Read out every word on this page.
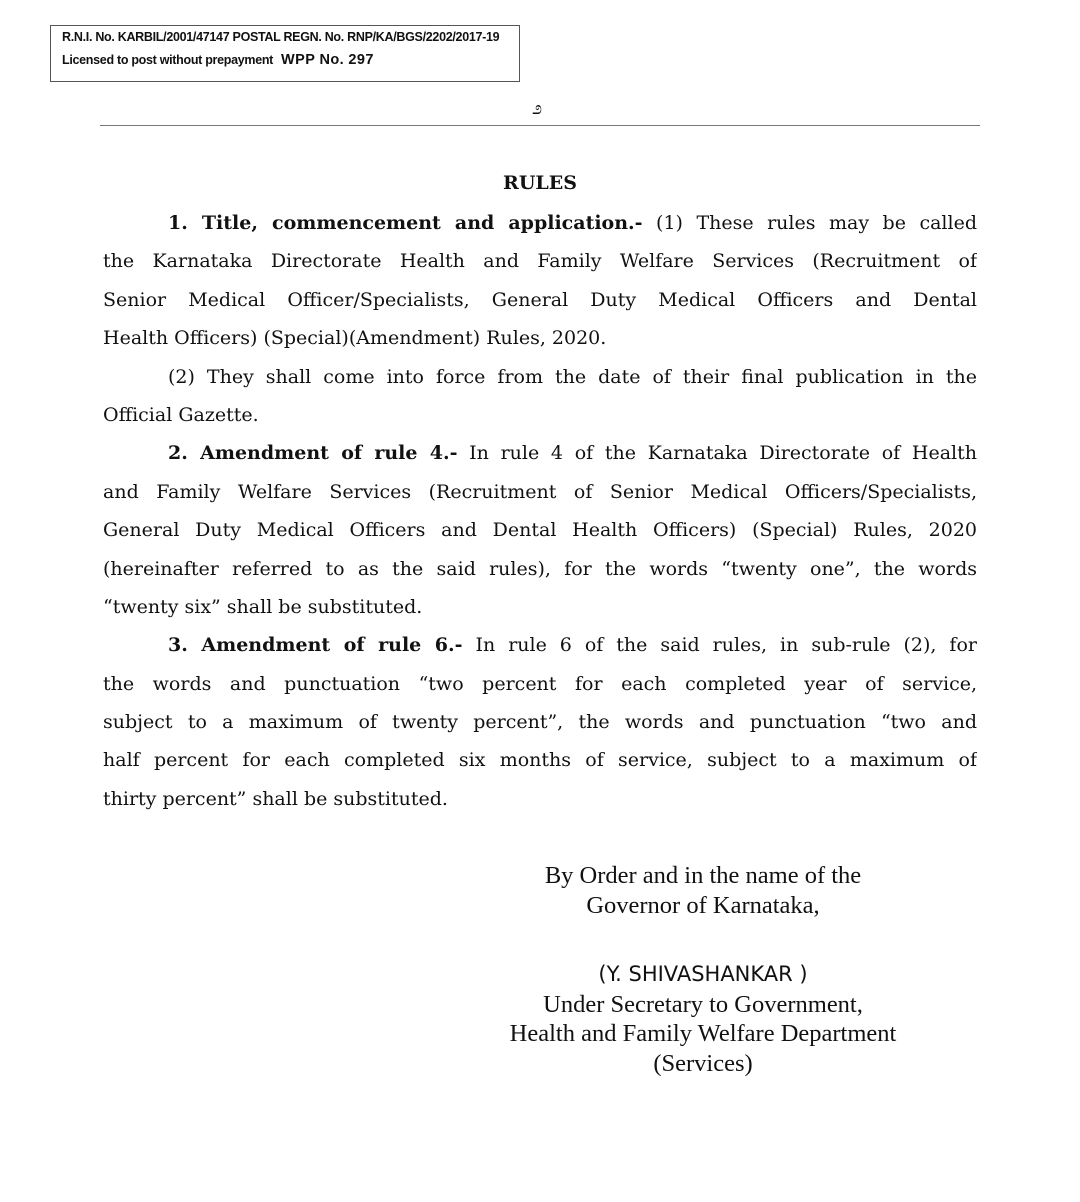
R.N.I. No. KARBIL/2001/47147 POSTAL REGN. No. RNP/KA/BGS/2202/2017-19
Licensed to post without prepayment WPP No. 297
೨
RULES
1. Title, commencement and application.- (1) These rules may be called
the Karnataka Directorate Health and Family Welfare Services (Recruitment of
Senior Medical Officer/Specialists, General Duty Medical Officers and Dental
Health Officers) (Special)(Amendment) Rules, 2020.
(2) They shall come into force from the date of their final publication in the
Official Gazette.
2. Amendment of rule 4.- In rule 4 of the Karnataka Directorate of Health
and Family Welfare Services (Recruitment of Senior Medical Officers/Specialists,
General Duty Medical Officers and Dental Health Officers) (Special) Rules, 2020
(hereinafter referred to as the said rules), for the words “twenty one”, the words
“twenty six” shall be substituted.
3. Amendment of rule 6.- In rule 6 of the said rules, in sub-rule (2), for
the words and punctuation “two percent for each completed year of service,
subject to a maximum of twenty percent”, the words and punctuation “two and
half percent for each completed six months of service, subject to a maximum of
thirty percent” shall be substituted.
By Order and in the name of the
Governor of Karnataka,
(Y. SHIVASHANKAR )
Under Secretary to Government,
Health and Family Welfare Department
(Services)
